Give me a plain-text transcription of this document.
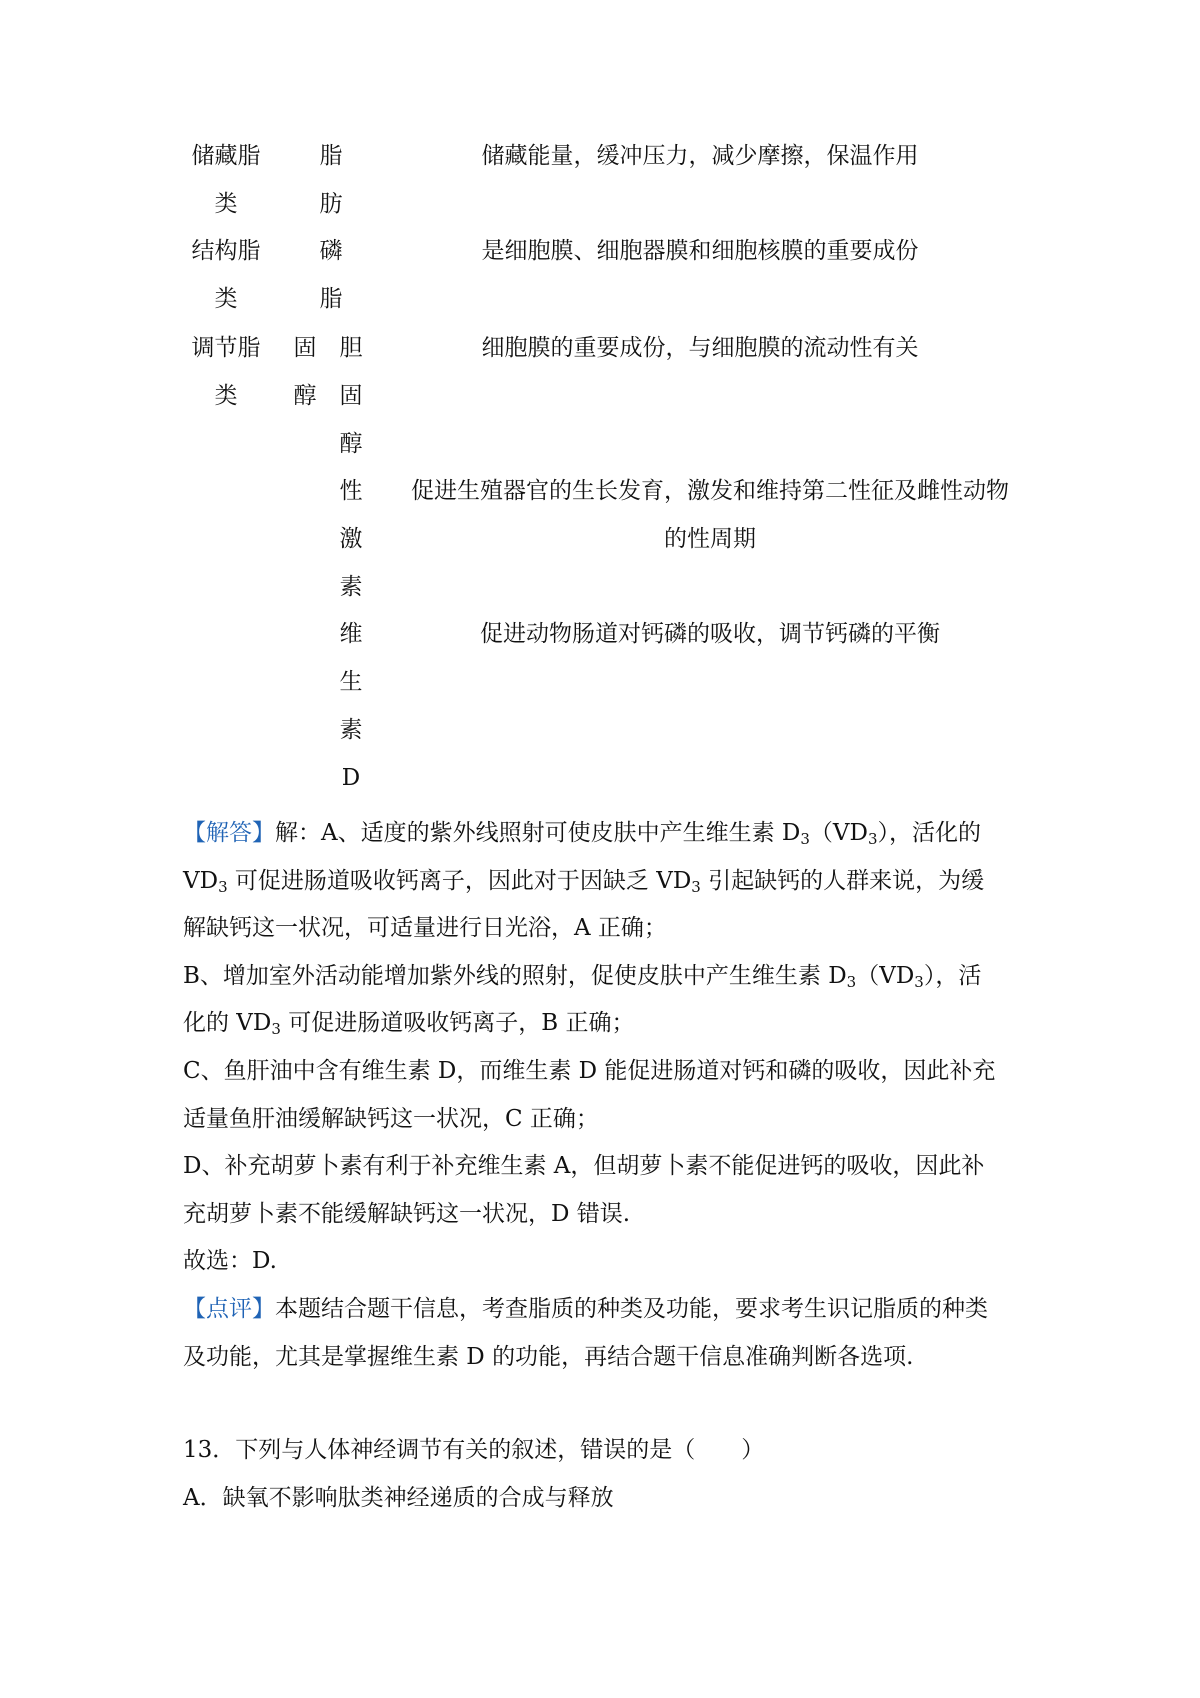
储藏脂
类
脂
肪
储藏能量，缓冲压力，减少摩擦，保温作用
结构脂
类
磷
脂
是细胞膜、细胞器膜和细胞核膜的重要成份
调节脂
类
固
醇
胆
固
醇
细胞膜的重要成份，与细胞膜的流动性有关
性
激
素
促进生殖器官的生长发育，激发和维持第二性征及雌性动物
的性周期
维
生
素
D
促进动物肠道对钙磷的吸收，调节钙磷的平衡
【解答】解：A、适度的紫外线照射可使皮肤中产生维生素 $D_3(VD_3)$，活化的
$VD_3$ 可促进肠道吸收钙离子，因此对于因缺乏 $VD_3$ 引起缺钙的人群来说，为缓
解缺钙这一状况，可适量进行日光浴，A 正确；
B、增加室外活动能增加紫外线的照射，促使皮肤中产生维生素 $D_3(VD_3)$，活
化的 $VD_3$ 可促进肠道吸收钙离子，B 正确；
C、鱼肝油中含有维生素 D，而维生素 D 能促进肠道对钙和磷的吸收，因此补充
适量鱼肝油缓解缺钙这一状况，C 正确；
D、补充胡萝卜素有利于补充维生素 A，但胡萝卜素不能促进钙的吸收，因此补
充胡萝卜素不能缓解缺钙这一状况，D 错误.
故选：D.
【点评】本题结合题干信息，考查脂质的种类及功能，要求考生识记脂质的种类
及功能，尤其是掌握维生素 D 的功能，再结合题干信息准确判断各选项.
13．下列与人体神经调节有关的叙述，错误的是（　　）
A．缺氧不影响肽类神经递质的合成与释放
